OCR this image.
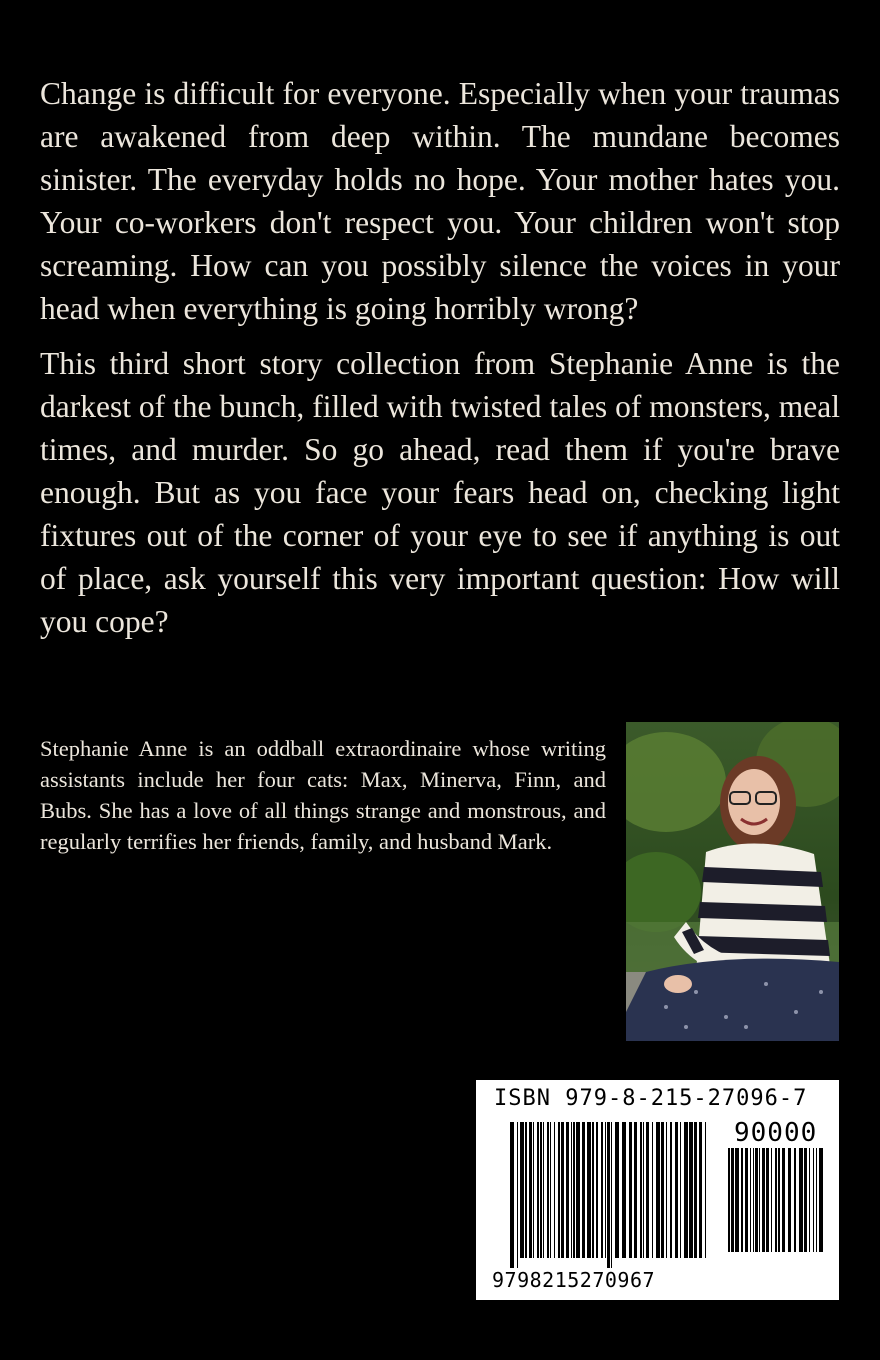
Change is difficult for everyone. Especially when your traumas are awakened from deep within. The mundane becomes sinister. The everyday holds no hope. Your mother hates you. Your co-workers don't respect you. Your children won't stop screaming. How can you possibly silence the voices in your head when everything is going horribly wrong?

This third short story collection from Stephanie Anne is the darkest of the bunch, filled with twisted tales of monsters, meal times, and murder. So go ahead, read them if you're brave enough. But as you face your fears head on, checking light fixtures out of the corner of your eye to see if anything is out of place, ask yourself this very important question: How will you cope?

Stephanie Anne is an oddball extraordinaire whose writing assistants include her four cats: Max, Minerva, Finn, and Bubs. She has a love of all things strange and monstrous, and regularly terrifies her friends, family, and husband Mark.

ISBN 979-8-215-27096-7
90000
9798215270967
